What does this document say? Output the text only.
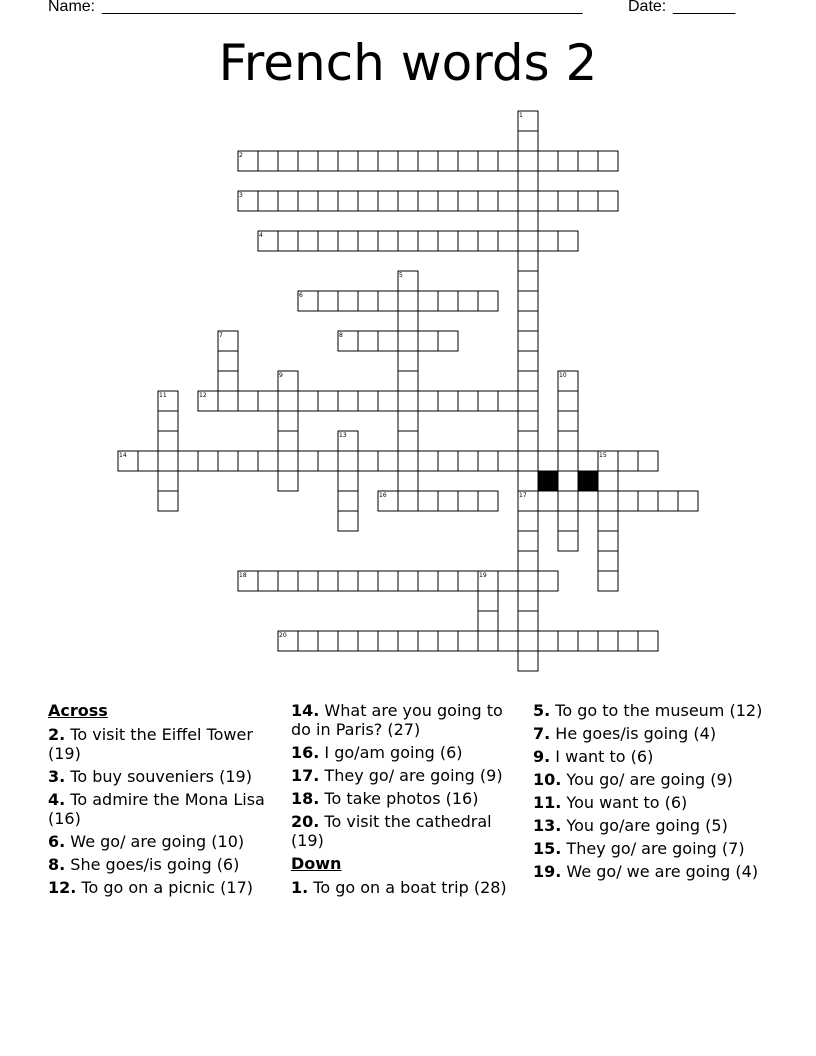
Name: ______________________________________________________	Date: _______
French words 2
2
3
4
6
8
12
14
16	17
18
20
1
5
7
9	10
11
13
15
19
Across
2. To visit the Eiffel Tower (19)
3. To buy souveniers (19)
4. To admire the Mona Lisa (16)
6. We go/ are going (10)
8. She goes/is going (6)
12. To go on a picnic (17)
14. What are you going to do in Paris? (27)
16. I go/am going (6)
17. They go/ are going (9)
18. To take photos (16)
20. To visit the cathedral (19)
Down
1. To go on a boat trip (28)
5. To go to the museum (12)
7. He goes/is going (4)
9. I want to (6)
10. You go/ are going (9)
11. You want to (6)
13. You go/are going (5)
15. They go/ are going (7)
19. We go/ we are going (4)
